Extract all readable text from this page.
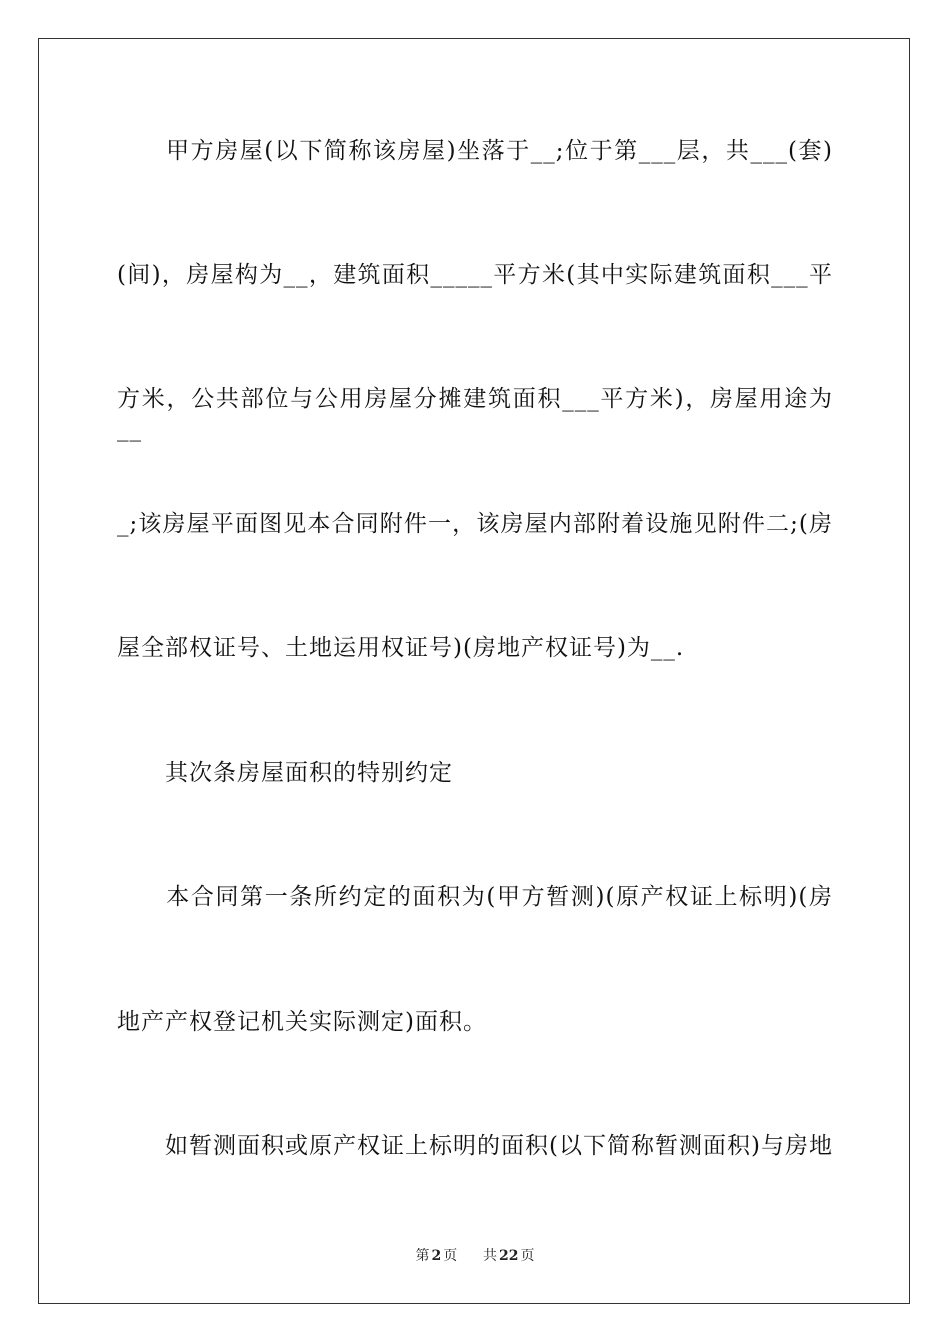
　　甲方房屋(以下简称该房屋)坐落于__;位于第___层，共___(套)
(间)，房屋构为__，建筑面积_____平方米(其中实际建筑面积___平
方米，公共部位与公用房屋分摊建筑面积___平方米)，房屋用途为__
_;该房屋平面图见本合同附件一，该房屋内部附着设施见附件二;(房
屋全部权证号、土地运用权证号)(房地产权证号)为__.
　　其次条房屋面积的特别约定
　　本合同第一条所约定的面积为(甲方暂测)(原产权证上标明)(房
地产产权登记机关实际测定)面积。
　　如暂测面积或原产权证上标明的面积(以下简称暂测面积)与房地
第 2 页 共 22 页
